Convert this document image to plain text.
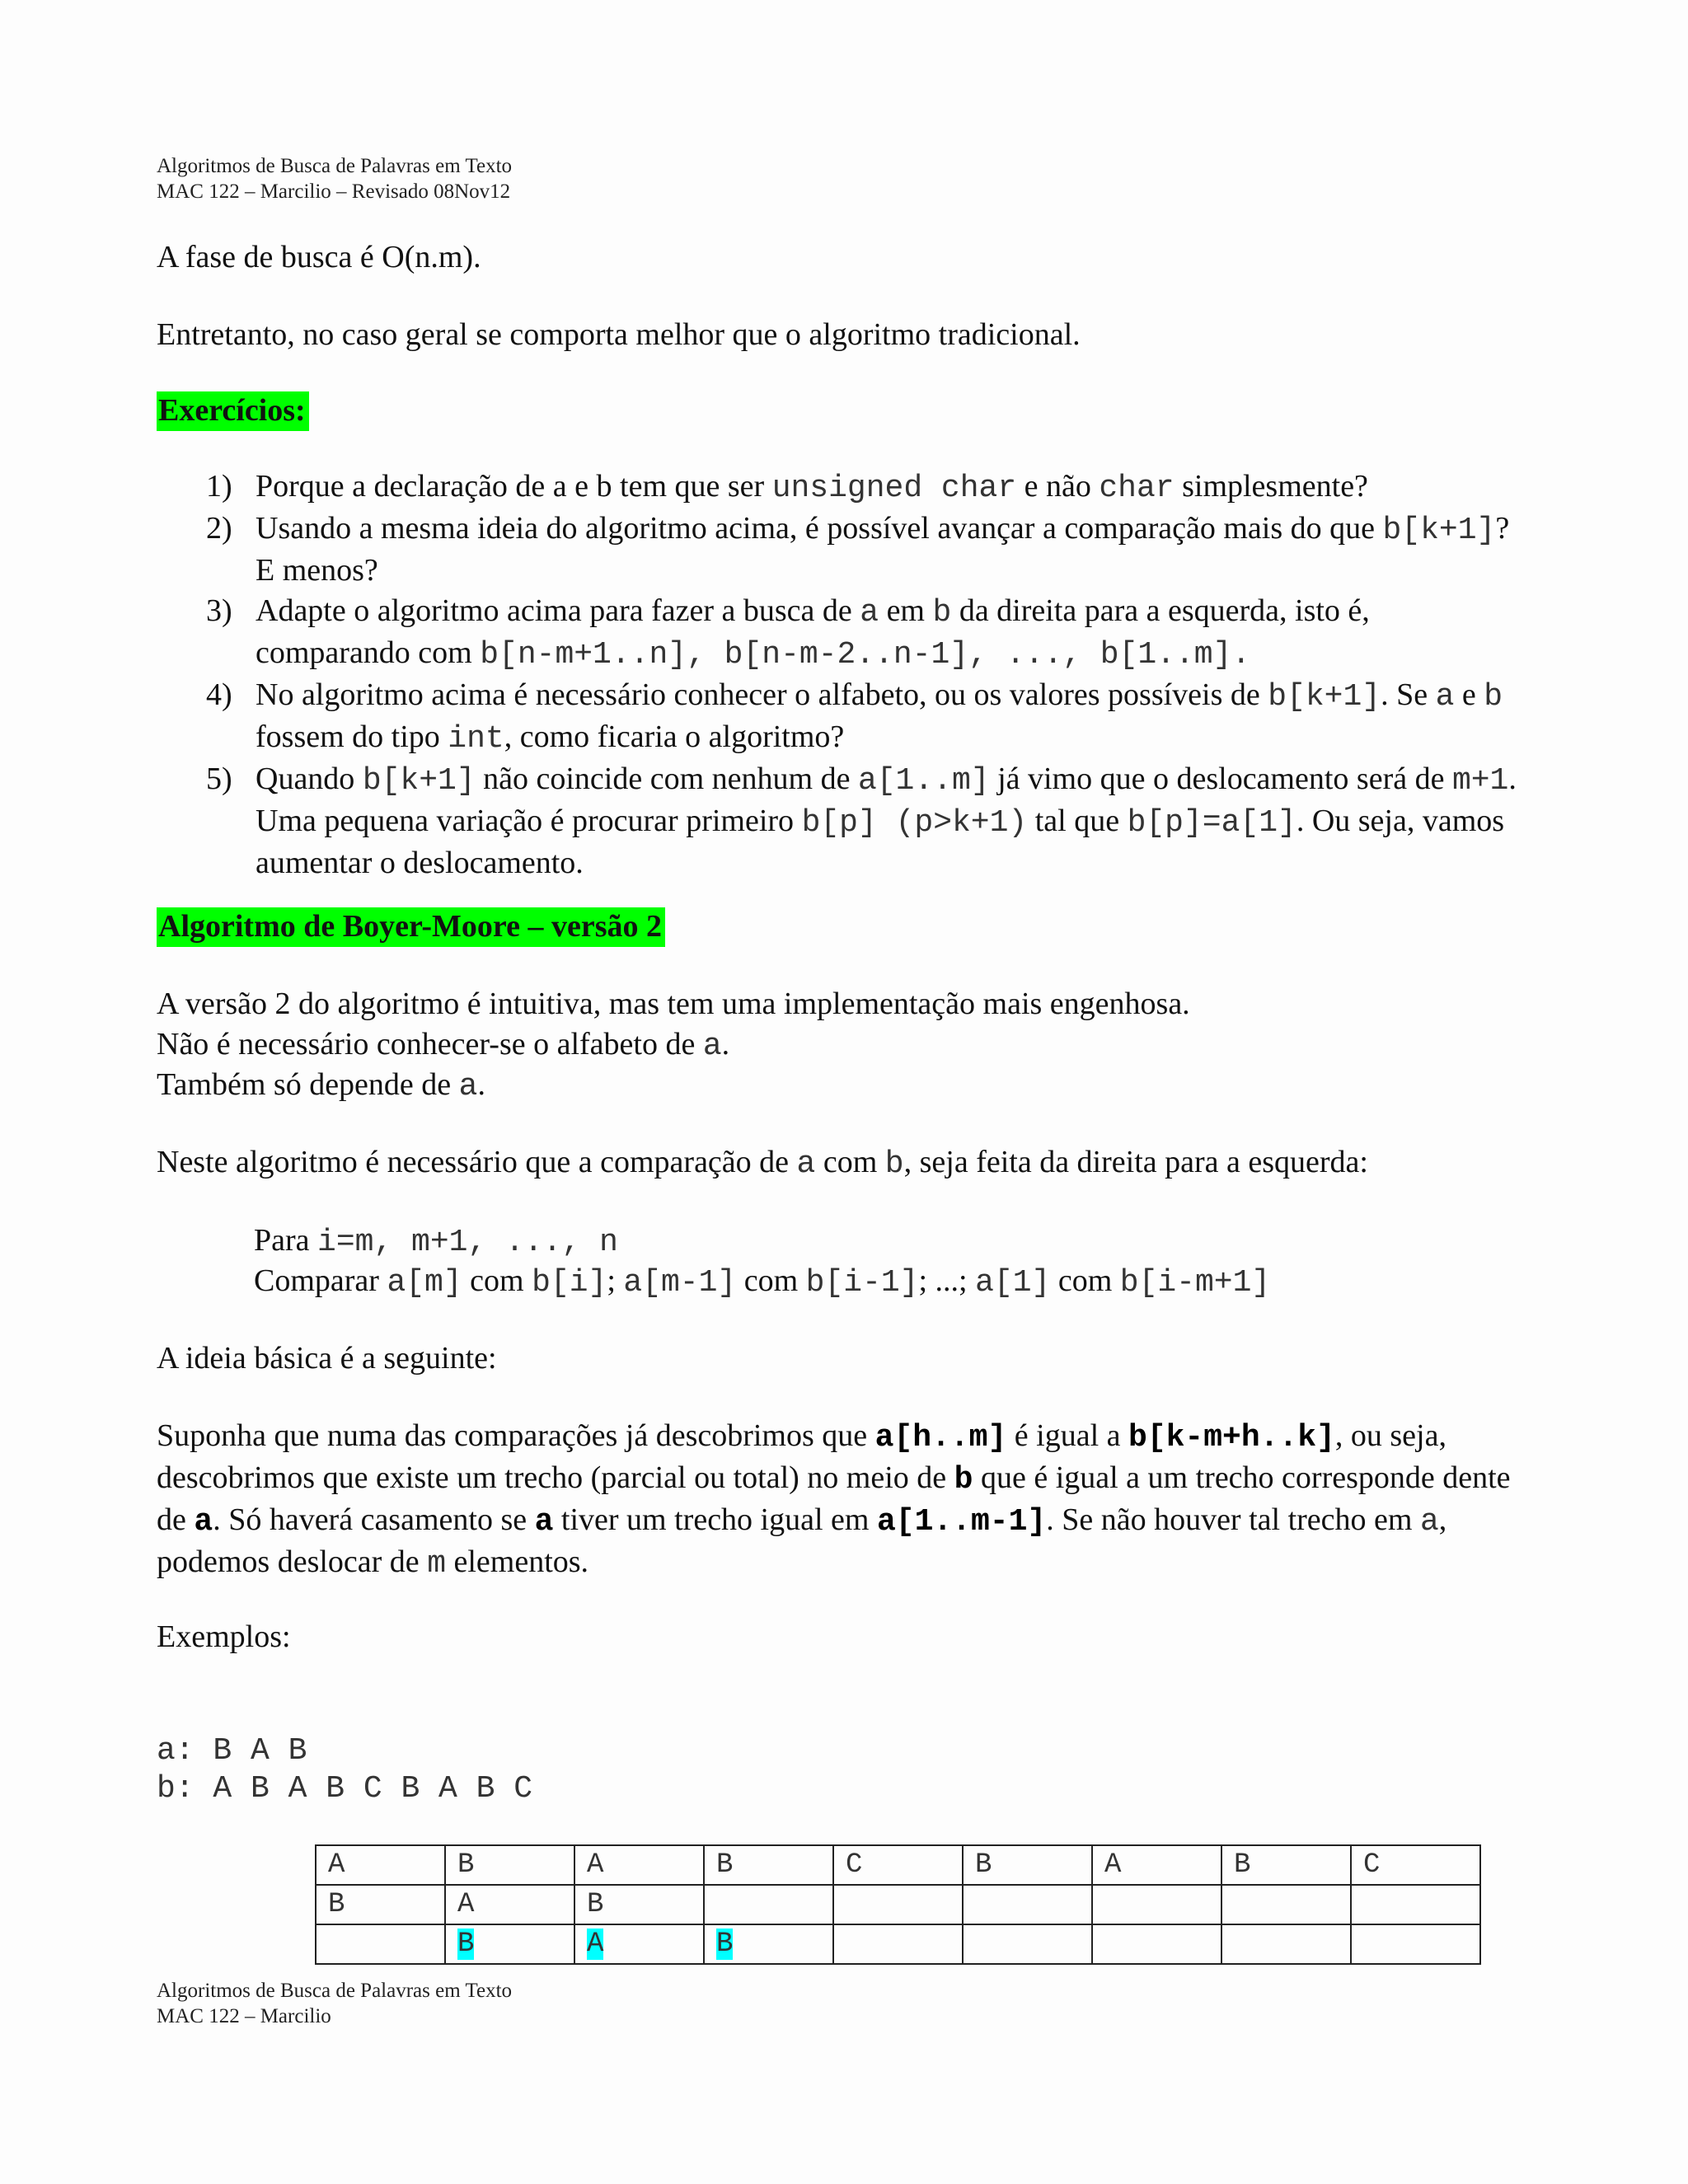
Algoritmos de Busca de Palavras em Texto
MAC 122 – Marcilio – Revisado 08Nov12

A fase de busca é O(n.m).

Entretanto, no caso geral se comporta melhor que o algoritmo tradicional.

Exercícios:

1) Porque a declaração de a e b tem que ser unsigned char e não char simplesmente?
2) Usando a mesma ideia do algoritmo acima, é possível avançar a comparação mais do que b[k+1]? E menos?
3) Adapte o algoritmo acima para fazer a busca de a em b da direita para a esquerda, isto é, comparando com b[n-m+1..n], b[n-m-2..n-1], ..., b[1..m].
4) No algoritmo acima é necessário conhecer o alfabeto, ou os valores possíveis de b[k+1]. Se a e b fossem do tipo int, como ficaria o algoritmo?
5) Quando b[k+1] não coincide com nenhum de a[1..m] já vimo que o deslocamento será de m+1. Uma pequena variação é procurar primeiro b[p] (p>k+1) tal que b[p]=a[1]. Ou seja, vamos aumentar o deslocamento.

Algoritmo de Boyer-Moore – versão 2

A versão 2 do algoritmo é intuitiva, mas tem uma implementação mais engenhosa.

Não é necessário conhecer-se o alfabeto de a.

Também só depende de a.

Neste algoritmo é necessário que a comparação de a com b, seja feita da direita para a esquerda:

Para i=m, m+1, ..., n

Comparar a[m] com b[i]; a[m-1] com b[i-1]; ...; a[1] com b[i-m+1]

A ideia básica é a seguinte:

Suponha que numa das comparações já descobrimos que a[h..m] é igual a b[k-m+h..k], ou seja, descobrimos que existe um trecho (parcial ou total) no meio de b que é igual a um trecho corresponde dente de a. Só haverá casamento se a tiver um trecho igual em a[1..m-1]. Se não houver tal trecho em a, podemos deslocar de m elementos.

Exemplos:

a: B A B
b: A B A B C B A B C
A	B	A	B	C	B	A	B	C
B	A	B						
	B	A	B					
Algoritmos de Busca de Palavras em Texto
MAC 122 – Marcilio
